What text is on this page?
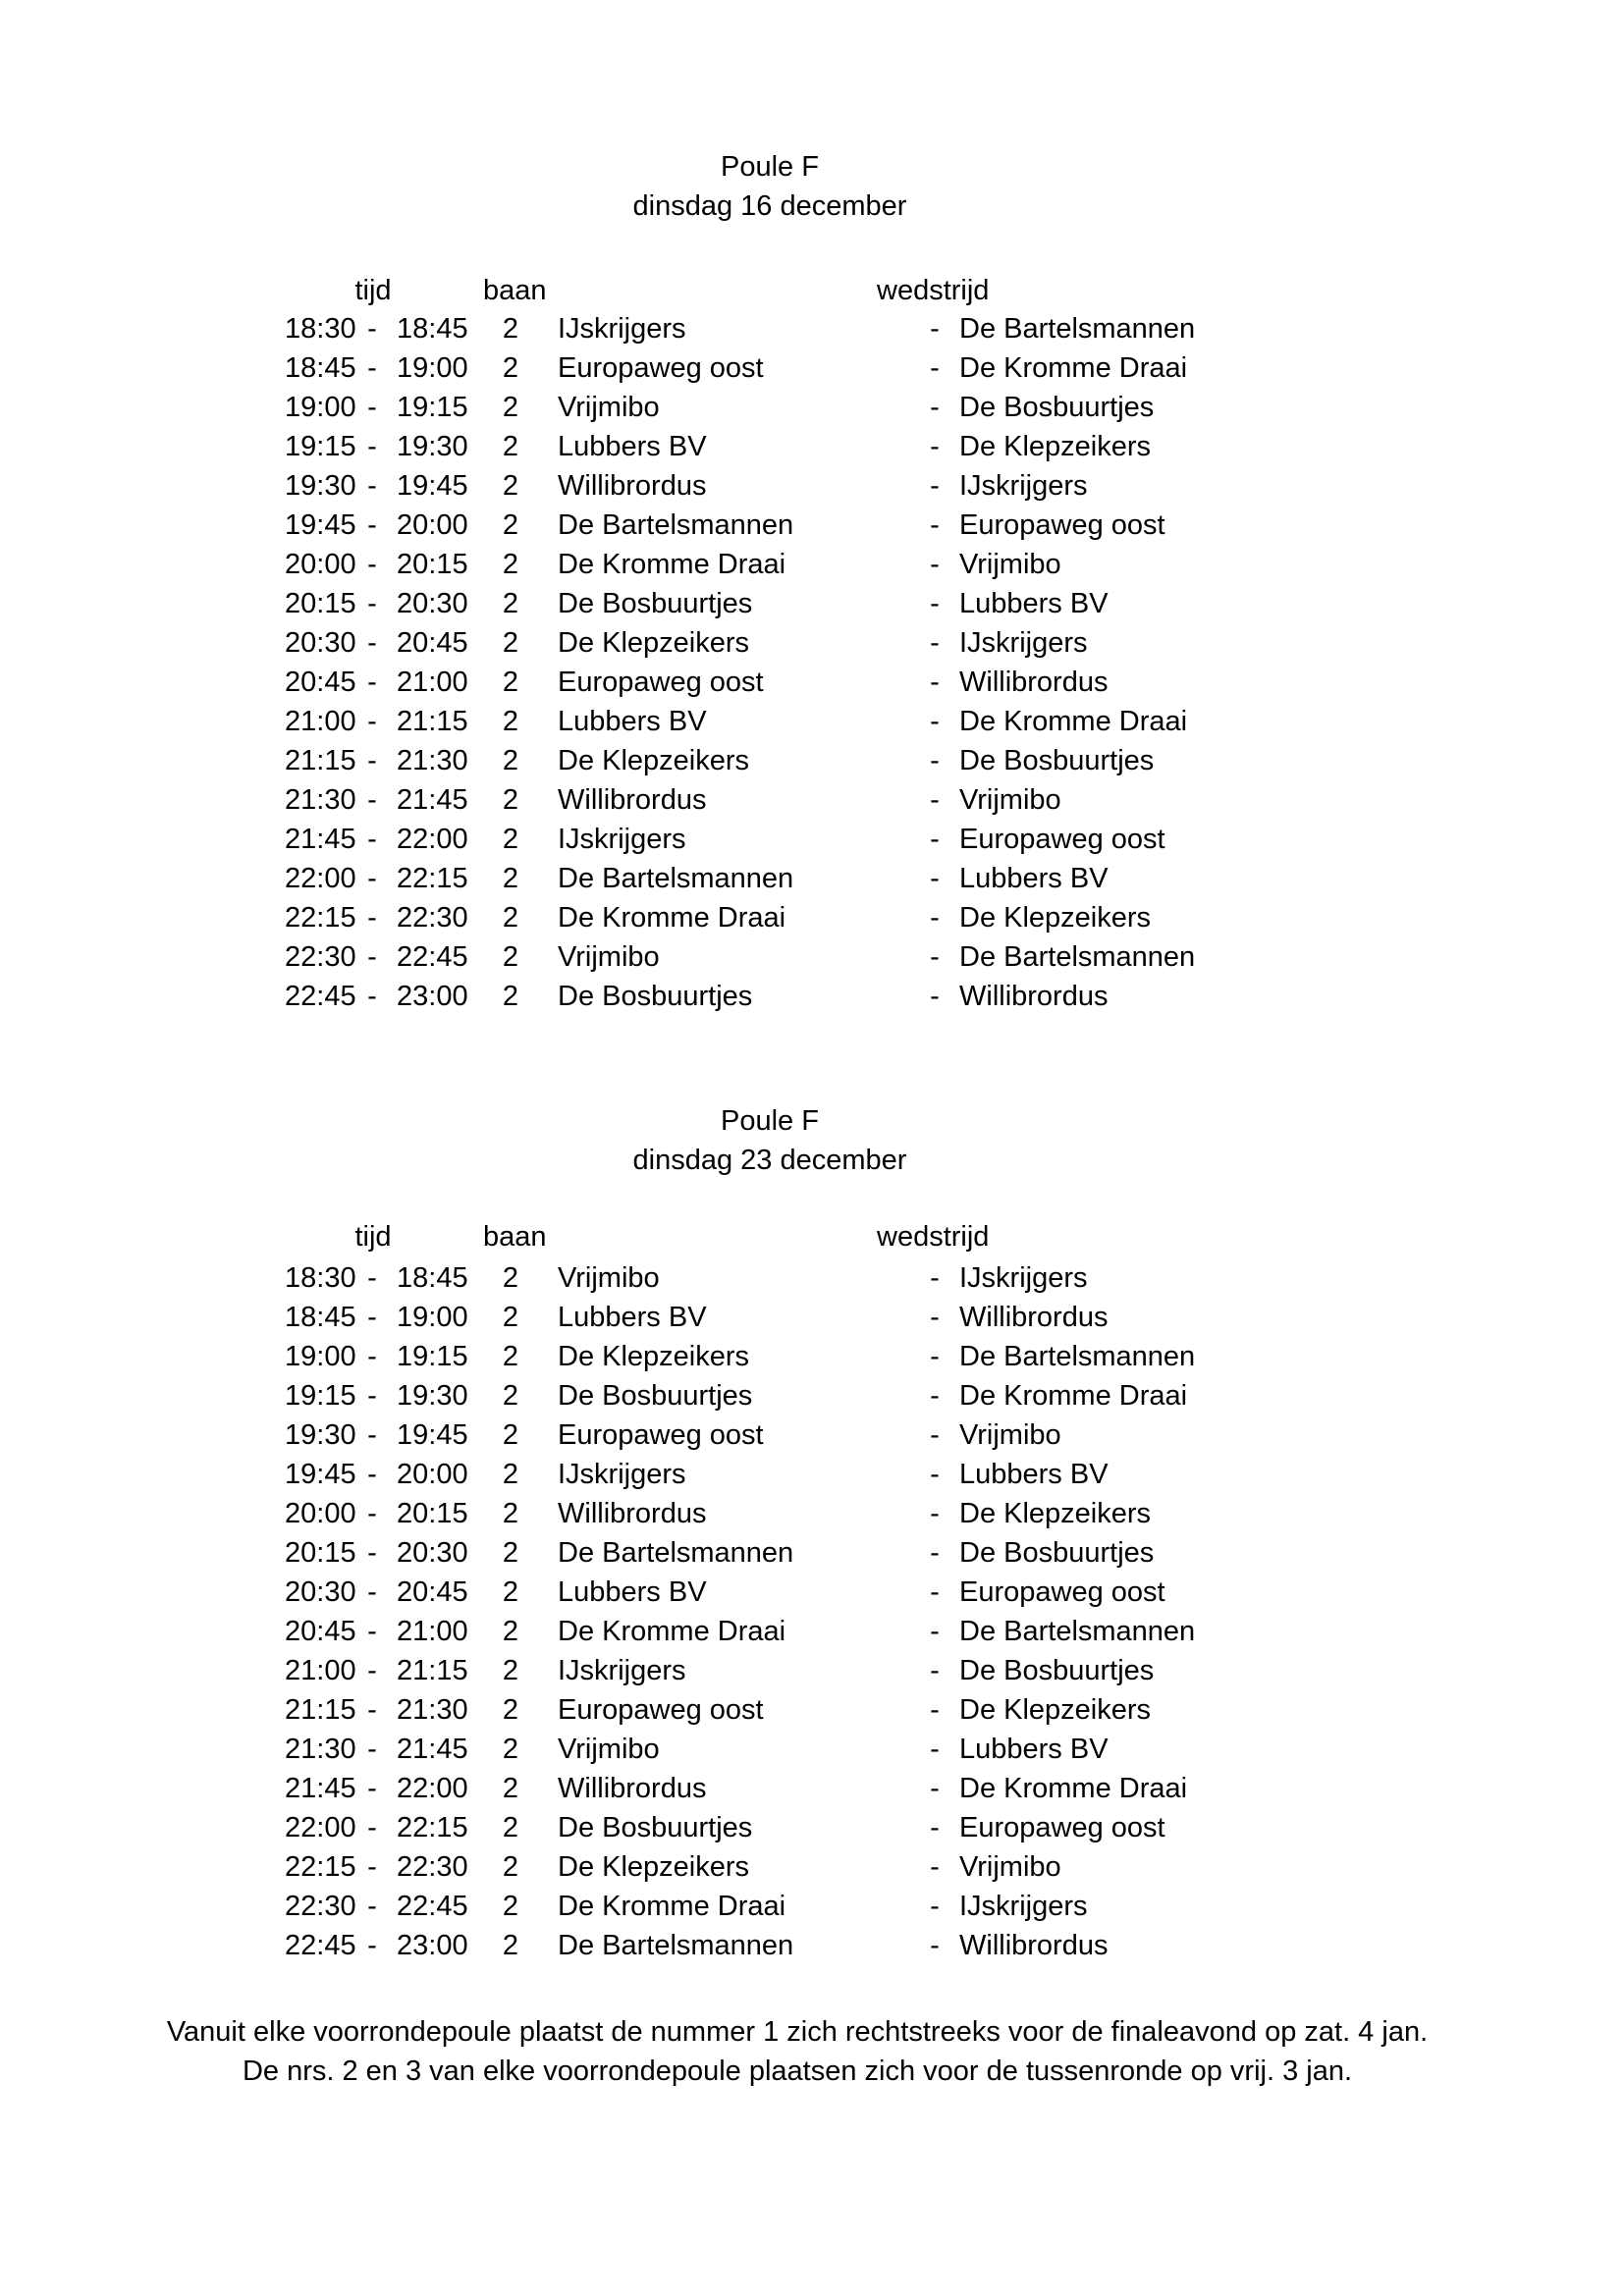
Poule F
dinsdag 16 december
tijd	baan	wedstrijd
18:30 - 18:45	2	IJskrijgers	- De Bartelsmannen
18:45 - 19:00	2	Europaweg oost	- De Kromme Draai
19:00 - 19:15	2	Vrijmibo	- De Bosbuurtjes
19:15 - 19:30	2	Lubbers BV	- De Klepzeikers
19:30 - 19:45	2	Willibrordus	- IJskrijgers
19:45 - 20:00	2	De Bartelsmannen	- Europaweg oost
20:00 - 20:15	2	De Kromme Draai	- Vrijmibo
20:15 - 20:30	2	De Bosbuurtjes	- Lubbers BV
20:30 - 20:45	2	De Klepzeikers	- IJskrijgers
20:45 - 21:00	2	Europaweg oost	- Willibrordus
21:00 - 21:15	2	Lubbers BV	- De Kromme Draai
21:15 - 21:30	2	De Klepzeikers	- De Bosbuurtjes
21:30 - 21:45	2	Willibrordus	- Vrijmibo
21:45 - 22:00	2	IJskrijgers	- Europaweg oost
22:00 - 22:15	2	De Bartelsmannen	- Lubbers BV
22:15 - 22:30	2	De Kromme Draai	- De Klepzeikers
22:30 - 22:45	2	Vrijmibo	- De Bartelsmannen
22:45 - 23:00	2	De Bosbuurtjes	- Willibrordus
Poule F
dinsdag 23 december
tijd	baan	wedstrijd
18:30 - 18:45	2	Vrijmibo	- IJskrijgers
18:45 - 19:00	2	Lubbers BV	- Willibrordus
19:00 - 19:15	2	De Klepzeikers	- De Bartelsmannen
19:15 - 19:30	2	De Bosbuurtjes	- De Kromme Draai
19:30 - 19:45	2	Europaweg oost	- Vrijmibo
19:45 - 20:00	2	IJskrijgers	- Lubbers BV
20:00 - 20:15	2	Willibrordus	- De Klepzeikers
20:15 - 20:30	2	De Bartelsmannen	- De Bosbuurtjes
20:30 - 20:45	2	Lubbers BV	- Europaweg oost
20:45 - 21:00	2	De Kromme Draai	- De Bartelsmannen
21:00 - 21:15	2	IJskrijgers	- De Bosbuurtjes
21:15 - 21:30	2	Europaweg oost	- De Klepzeikers
21:30 - 21:45	2	Vrijmibo	- Lubbers BV
21:45 - 22:00	2	Willibrordus	- De Kromme Draai
22:00 - 22:15	2	De Bosbuurtjes	- Europaweg oost
22:15 - 22:30	2	De Klepzeikers	- Vrijmibo
22:30 - 22:45	2	De Kromme Draai	- IJskrijgers
22:45 - 23:00	2	De Bartelsmannen	- Willibrordus
Vanuit elke voorrondepoule plaatst de nummer 1 zich rechtstreeks voor de finaleavond op zat. 4 jan.
De nrs. 2 en 3 van elke voorrondepoule plaatsen zich voor de tussenronde op vrij. 3 jan.
